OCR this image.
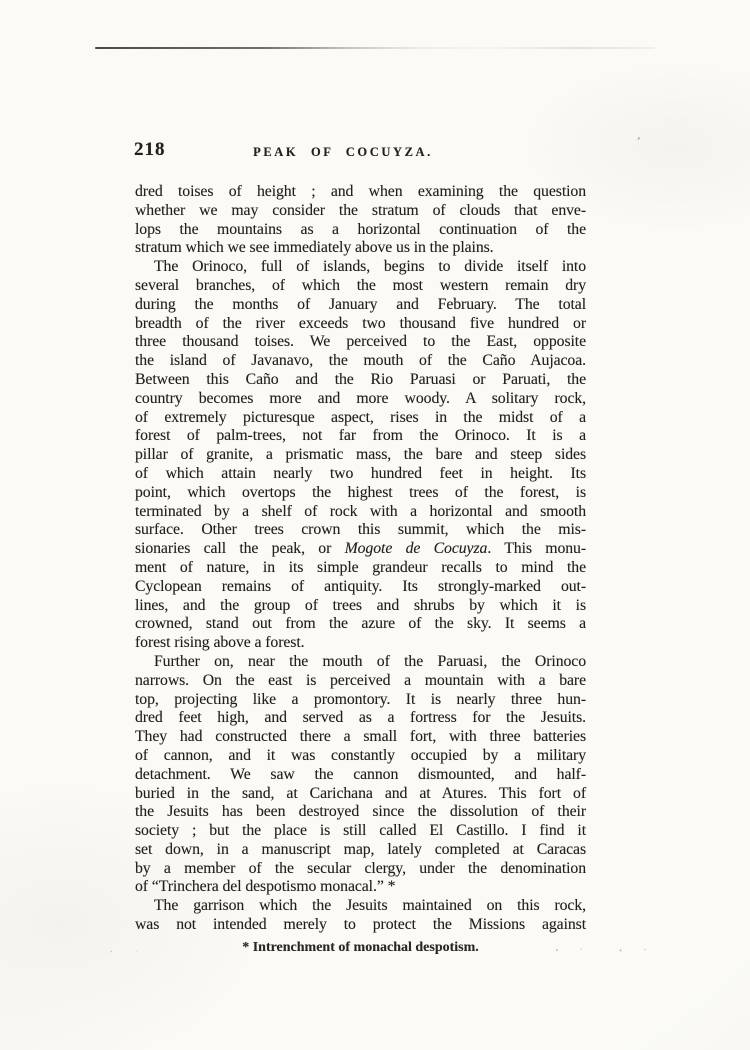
218	PEAK OF COCUYZA.
dred toises of height ; and when examining the question
whether we may consider the stratum of clouds that enve-
lops the mountains as a horizontal continuation of the
stratum which we see immediately above us in the plains.
The Orinoco, full of islands, begins to divide itself into
several branches, of which the most western remain dry
during the months of January and February. The total
breadth of the river exceeds two thousand five hundred or
three thousand toises. We perceived to the East, opposite
the island of Javanavo, the mouth of the Caño Aujacoa.
Between this Caño and the Rio Paruasi or Paruati, the
country becomes more and more woody. A solitary rock,
of extremely picturesque aspect, rises in the midst of a
forest of palm-trees, not far from the Orinoco. It is a
pillar of granite, a prismatic mass, the bare and steep sides
of which attain nearly two hundred feet in height. Its
point, which overtops the highest trees of the forest, is
terminated by a shelf of rock with a horizontal and smooth
surface. Other trees crown this summit, which the mis-
sionaries call the peak, or Mogote de Cocuyza. This monu-
ment of nature, in its simple grandeur recalls to mind the
Cyclopean remains of antiquity. Its strongly-marked out-
lines, and the group of trees and shrubs by which it is
crowned, stand out from the azure of the sky. It seems a
forest rising above a forest.
Further on, near the mouth of the Paruasi, the Orinoco
narrows. On the east is perceived a mountain with a bare
top, projecting like a promontory. It is nearly three hun-
dred feet high, and served as a fortress for the Jesuits.
They had constructed there a small fort, with three batteries
of cannon, and it was constantly occupied by a military
detachment. We saw the cannon dismounted, and half-
buried in the sand, at Carichana and at Atures. This fort of
the Jesuits has been destroyed since the dissolution of their
society ; but the place is still called El Castillo. I find it
set down, in a manuscript map, lately completed at Caracas
by a member of the secular clergy, under the denomination
of “Trinchera del despotismo monacal.” *
The garrison which the Jesuits maintained on this rock,
was not intended merely to protect the Missions against
* Intrenchment of monachal despotism.
’
